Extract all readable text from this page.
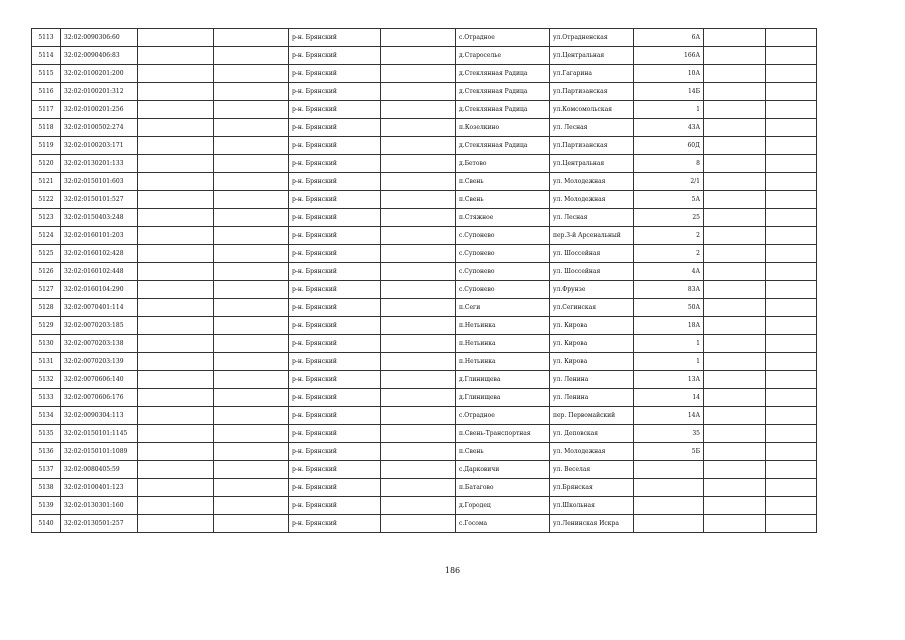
5113	32:02:0090306:60			р-н. Брянский		с.Отрадное	ул.Отрадненская	6А		
5114	32:02:0090406:83			р-н. Брянский		д.Староселье	ул.Центральная	166А		
5115	32:02:0100201:200			р-н. Брянский		д.Стеклянная Радица	ул.Гагарина	10А		
5116	32:02:0100201:312			р-н. Брянский		д.Стеклянная Радица	ул.Партизанская	14Б		
5117	32:02:0100201:256			р-н. Брянский		д.Стеклянная Радица	ул.Комсомольская	1		
5118	32:02:0100502:274			р-н. Брянский		п.Козелкино	ул. Лесная	43А		
5119	32:02:0100203:171			р-н. Брянский		д.Стеклянная Радица	ул.Партизанская	60Д		
5120	32:02:0130201:133			р-н. Брянский		д.Бетово	ул.Центральная	8		
5121	32:02:0150101:603			р-н. Брянский		п.Свень	ул. Молодежная	2/1		
5122	32:02:0150101:527			р-н. Брянский		п.Свень	ул. Молодежная	5А		
5123	32:02:0150403:248			р-н. Брянский		п.Стяжное	ул. Лесная	25		
5124	32:02:0160101:203			р-н. Брянский		с.Супонево	пер.3-й Арсенальный	2		
5125	32:02:0160102:428			р-н. Брянский		с.Супонево	ул. Шоссейная	2		
5126	32:02:0160102:448			р-н. Брянский		с.Супонево	ул. Шоссейная	4А		
5127	32:02:0160104:290			р-н. Брянский		с.Супонево	ул.Фрунзе	83А		
5128	32:02:0070401:114			р-н. Брянский		п.Сеги	ул.Сегинская	50А		
5129	32:02:0070203:185			р-н. Брянский		п.Нетьинка	ул. Кирова	18А		
5130	32:02:0070203:138			р-н. Брянский		п.Нетьинка	ул. Кирова	1		
5131	32:02:0070203:139			р-н. Брянский		п.Нетьинка	ул. Кирова	1		
5132	32:02:0070606:140			р-н. Брянский		д.Глинищева	ул. Ленина	13А		
5133	32:02:0070606:176			р-н. Брянский		д.Глинищева	ул. Ленина	14		
5134	32:02:0090304:113			р-н. Брянский		с.Отрадное	пер. Первомайский	14А		
5135	32:02:0150101:1145			р-н. Брянский		п.Свень-Транспортная	ул. Деповская	35		
5136	32:02:0150101:1089			р-н. Брянский		п.Свень	ул. Молодежная	5Б		
5137	32:02:0080405:59			р-н. Брянский		с.Дарковичи	ул. Веселая			
5138	32:02:0100401:123			р-н. Брянский		п.Батагово	ул.Брянская			
5139	32:02:0130301:160			р-н. Брянский		д.Городец	ул.Школьная			
5140	32:02:0130501:257			р-н. Брянский		с.Госома	ул.Ленинская Искра			
186
